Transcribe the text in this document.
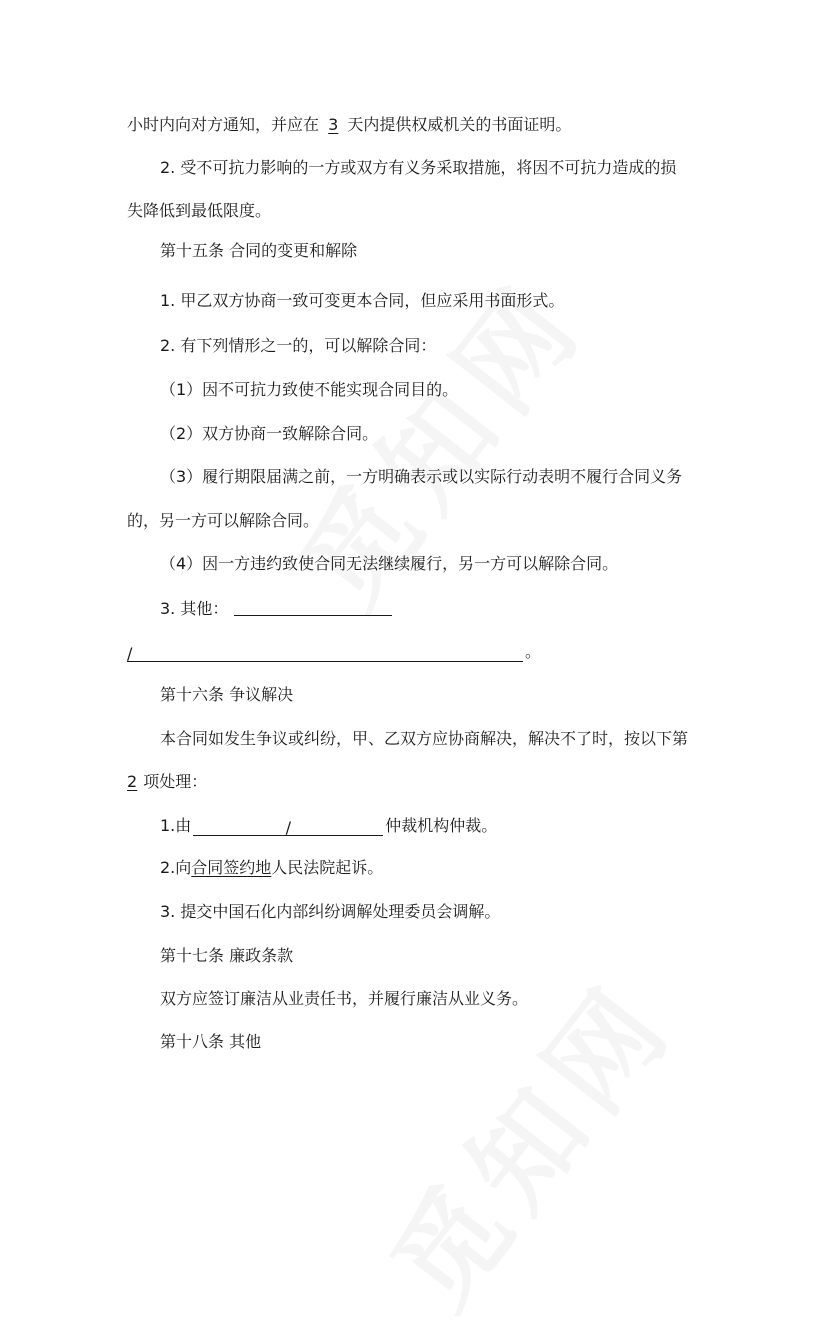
小时内向对方通知，并应在 3 天内提供权威机关的书面证明。
2. 受不可抗力影响的一方或双方有义务采取措施，将因不可抗力造成的损
失降低到最低限度。
第十五条 合同的变更和解除
1. 甲乙双方协商一致可变更本合同，但应采用书面形式。
2. 有下列情形之一的，可以解除合同：
（1）因不可抗力致使不能实现合同目的。
（2）双方协商一致解除合同。
（3）履行期限届满之前，一方明确表示或以实际行动表明不履行合同义务
的，另一方可以解除合同。
（4）因一方违约致使合同无法继续履行，另一方可以解除合同。
3. 其他：
/	。
第十六条 争议解决
本合同如发生争议或纠纷，甲、乙双方应协商解决，解决不了时，按以下第
2 项处理：
1.由	/	仲裁机构仲裁。
2.向合同签约地人民法院起诉。
3. 提交中国石化内部纠纷调解处理委员会调解。
第十七条 廉政条款
双方应签订廉洁从业责任书，并履行廉洁从业义务。
第十八条 其他
